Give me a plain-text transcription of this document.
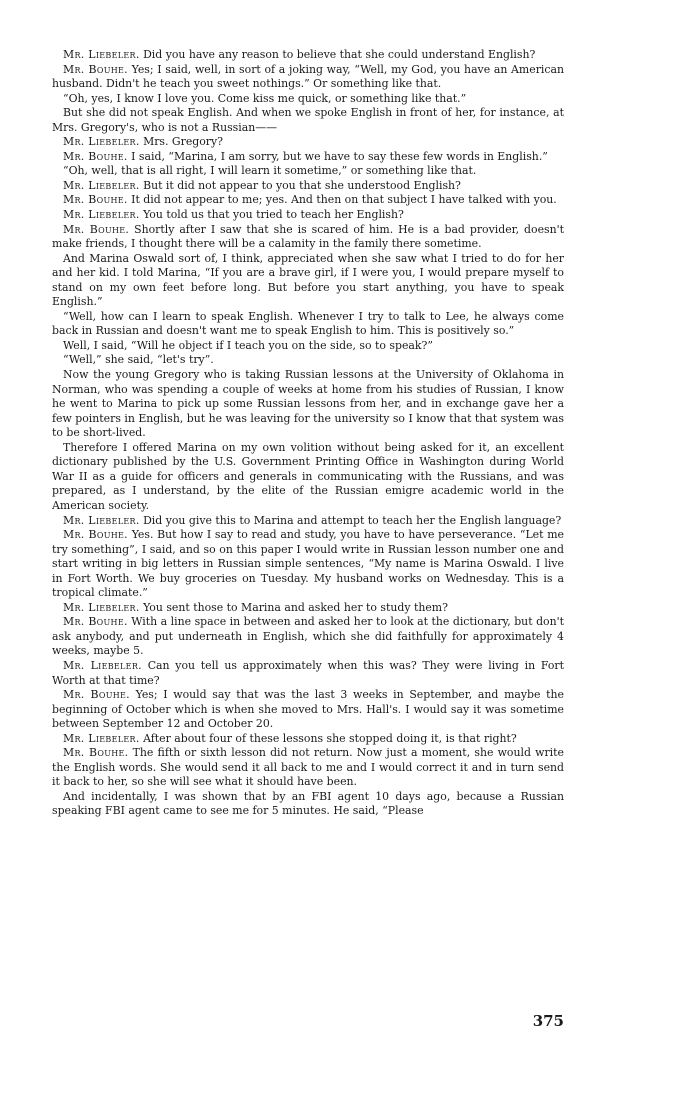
Mr. Liebeler. Did you have any reason to believe that she could understand English?

Mr. Bouhe. Yes; I said, well, in sort of a joking way, “Well, my God, you have an American husband. Didn't he teach you sweet nothings.” Or something like that.

“Oh, yes, I know I love you. Come kiss me quick, or something like that.”

But she did not speak English. And when we spoke English in front of her, for instance, at Mrs. Gregory's, who is not a Russian——

Mr. Liebeler. Mrs. Gregory?

Mr. Bouhe. I said, “Marina, I am sorry, but we have to say these few words in English.”

“Oh, well, that is all right, I will learn it sometime,” or something like that.

Mr. Liebeler. But it did not appear to you that she understood English?

Mr. Bouhe. It did not appear to me; yes. And then on that subject I have talked with you.

Mr. Liebeler. You told us that you tried to teach her English?

Mr. Bouhe. Shortly after I saw that she is scared of him. He is a bad provider, doesn't make friends, I thought there will be a calamity in the family there sometime.

And Marina Oswald sort of, I think, appreciated when she saw what I tried to do for her and her kid. I told Marina, “If you are a brave girl, if I were you, I would prepare myself to stand on my own feet before long. But before you start anything, you have to speak English.”

“Well, how can I learn to speak English. Whenever I try to talk to Lee, he always come back in Russian and doesn't want me to speak English to him. This is positively so.”

Well, I said, “Will he object if I teach you on the side, so to speak?”

“Well,” she said, “let's try”.

Now the young Gregory who is taking Russian lessons at the University of Oklahoma in Norman, who was spending a couple of weeks at home from his studies of Russian, I know he went to Marina to pick up some Russian lessons from her, and in exchange gave her a few pointers in English, but he was leaving for the university so I know that that system was to be short-lived.

Therefore I offered Marina on my own volition without being asked for it, an excellent dictionary published by the U.S. Government Printing Office in Washington during World War II as a guide for officers and generals in communicating with the Russians, and was prepared, as I understand, by the elite of the Russian emigre academic world in the American society.

Mr. Liebeler. Did you give this to Marina and attempt to teach her the English language?

Mr. Bouhe. Yes. But how I say to read and study, you have to have perseverance. “Let me try something”, I said, and so on this paper I would write in Russian lesson number one and start writing in big letters in Russian simple sentences, “My name is Marina Oswald. I live in Fort Worth. We buy groceries on Tuesday. My husband works on Wednesday. This is a tropical climate.”

Mr. Liebeler. You sent those to Marina and asked her to study them?

Mr. Bouhe. With a line space in between and asked her to look at the dictionary, but don't ask anybody, and put underneath in English, which she did faithfully for approximately 4 weeks, maybe 5.

Mr. Liebeler. Can you tell us approximately when this was? They were living in Fort Worth at that time?

Mr. Bouhe. Yes; I would say that was the last 3 weeks in September, and maybe the beginning of October which is when she moved to Mrs. Hall's. I would say it was sometime between September 12 and October 20.

Mr. Liebeler. After about four of these lessons she stopped doing it, is that right?

Mr. Bouhe. The fifth or sixth lesson did not return. Now just a moment, she would write the English words. She would send it all back to me and I would correct it and in turn send it back to her, so she will see what it should have been.

And incidentally, I was shown that by an FBI agent 10 days ago, because a Russian speaking FBI agent came to see me for 5 minutes. He said, “Please

375
